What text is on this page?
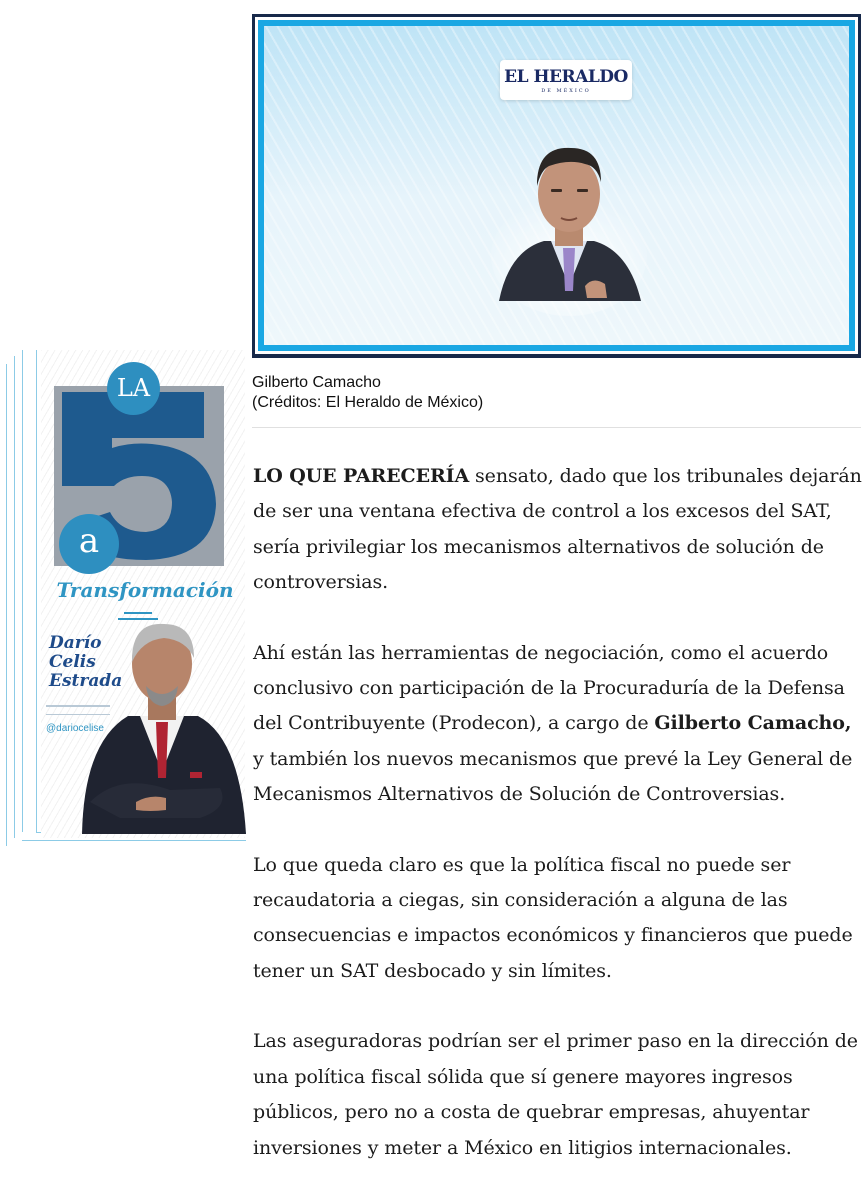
EL HERALDO
DE MÉXICO
Gilberto Camacho
(Créditos: El Heraldo de México)
LA
a
Transformación
Darío
Celis
Estrada
@dariocelise

LO QUE PARECERÍA sensato, dado que los tribunales dejarán de ser una ventana efectiva de control a los excesos del SAT, sería privilegiar los mecanismos alternativos de solución de controversias.

Ahí están las herramientas de negociación, como el acuerdo conclusivo con participación de la Procuraduría de la Defensa del Contribuyente (Prodecon), a cargo de Gilberto Camacho, y también los nuevos mecanismos que prevé la Ley General de Mecanismos Alternativos de Solución de Controversias.

Lo que queda claro es que la política fiscal no puede ser recaudatoria a ciegas, sin consideración a alguna de las consecuencias e impactos económicos y financieros que puede tener un SAT desbocado y sin límites.

Las aseguradoras podrían ser el primer paso en la dirección de una política fiscal sólida que sí genere mayores ingresos públicos, pero no a costa de quebrar empresas, ahuyentar inversiones y meter a México en litigios internacionales.
